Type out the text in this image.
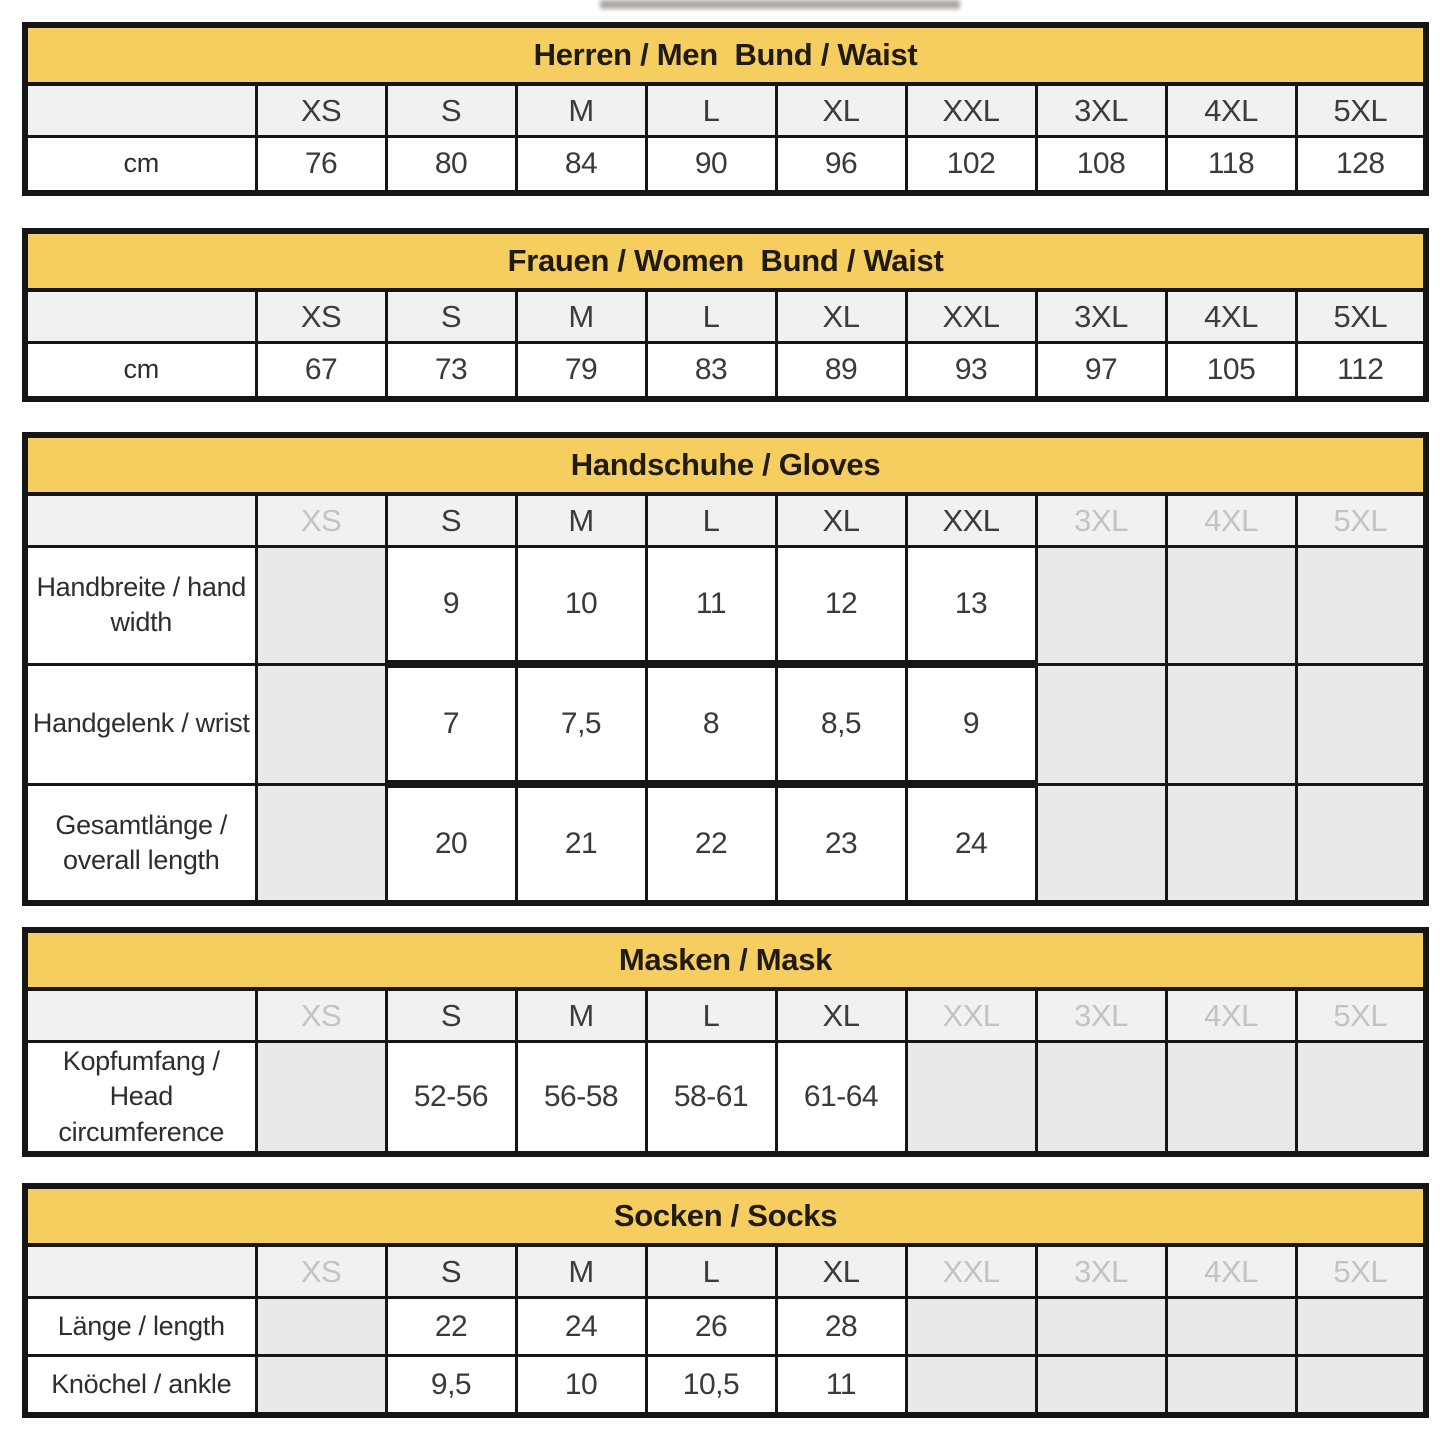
Herren / Men  Bund / Waist									
	XS	S	M	L	XL	XXL	3XL	4XL	5XL
cm	76	80	84	90	96	102	108	118	128
Frauen / Women  Bund / Waist									
	XS	S	M	L	XL	XXL	3XL	4XL	5XL
cm	67	73	79	83	89	93	97	105	112
Handschuhe / Gloves									
	XS	S	M	L	XL	XXL	3XL	4XL	5XL
Handbreite / hand width		9	10	11	12	13			
Handgelenk / wrist		7	7,5	8	8,5	9			
Gesamtlänge / overall length		20	21	22	23	24			
Masken / Mask									
	XS	S	M	L	XL	XXL	3XL	4XL	5XL
Kopfumfang / Head circumference		52-56	56-58	58-61	61-64				
Socken / Socks									
	XS	S	M	L	XL	XXL	3XL	4XL	5XL
Länge / length		22	24	26	28				
Knöchel / ankle		9,5	10	10,5	11				
